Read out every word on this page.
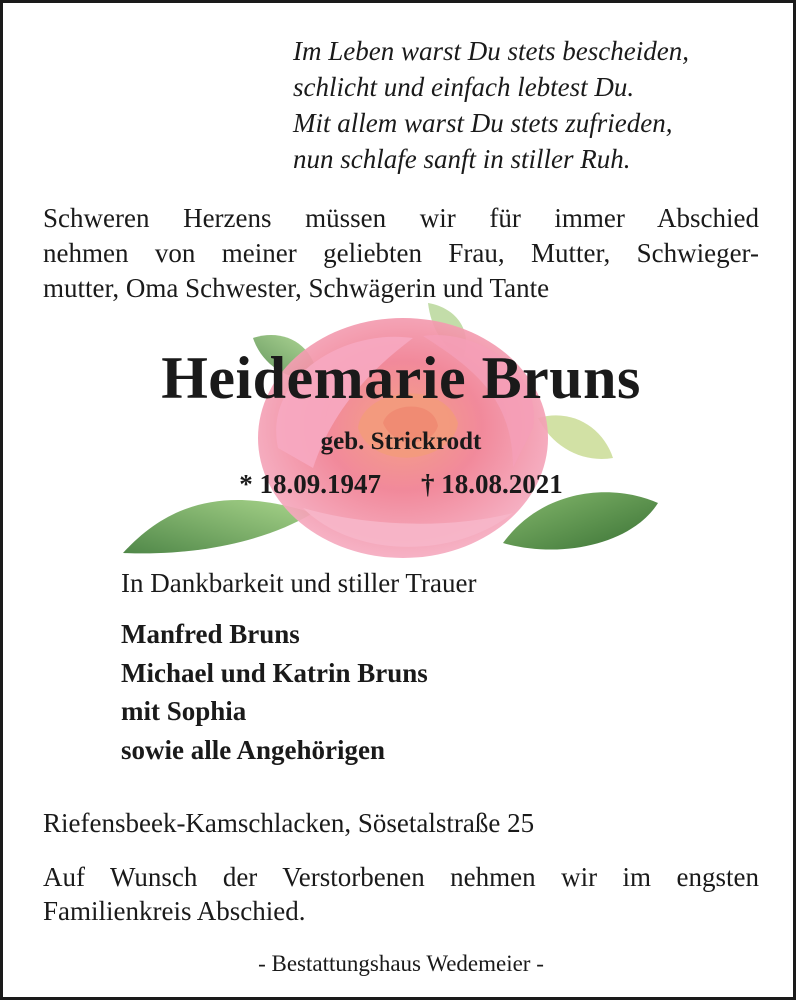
Im Leben warst Du stets bescheiden,
schlicht und einfach lebtest Du.
Mit allem warst Du stets zufrieden,
nun schlafe sanft in stiller Ruh.
Schweren Herzens müssen wir für immer Abschied
nehmen von meiner geliebten Frau, Mutter, Schwieger-
mutter, Oma Schwester, Schwägerin und Tante
Heidemarie Bruns
geb. Strickrodt
* 18.09.1947 † 18.08.2021
In Dankbarkeit und stiller Trauer
Manfred Bruns
Michael und Katrin Bruns
mit Sophia
sowie alle Angehörigen
Riefensbeek-Kamschlacken, Sösetalstraße 25
Auf Wunsch der Verstorbenen nehmen wir im engsten
Familienkreis Abschied.
- Bestattungshaus Wedemeier -
